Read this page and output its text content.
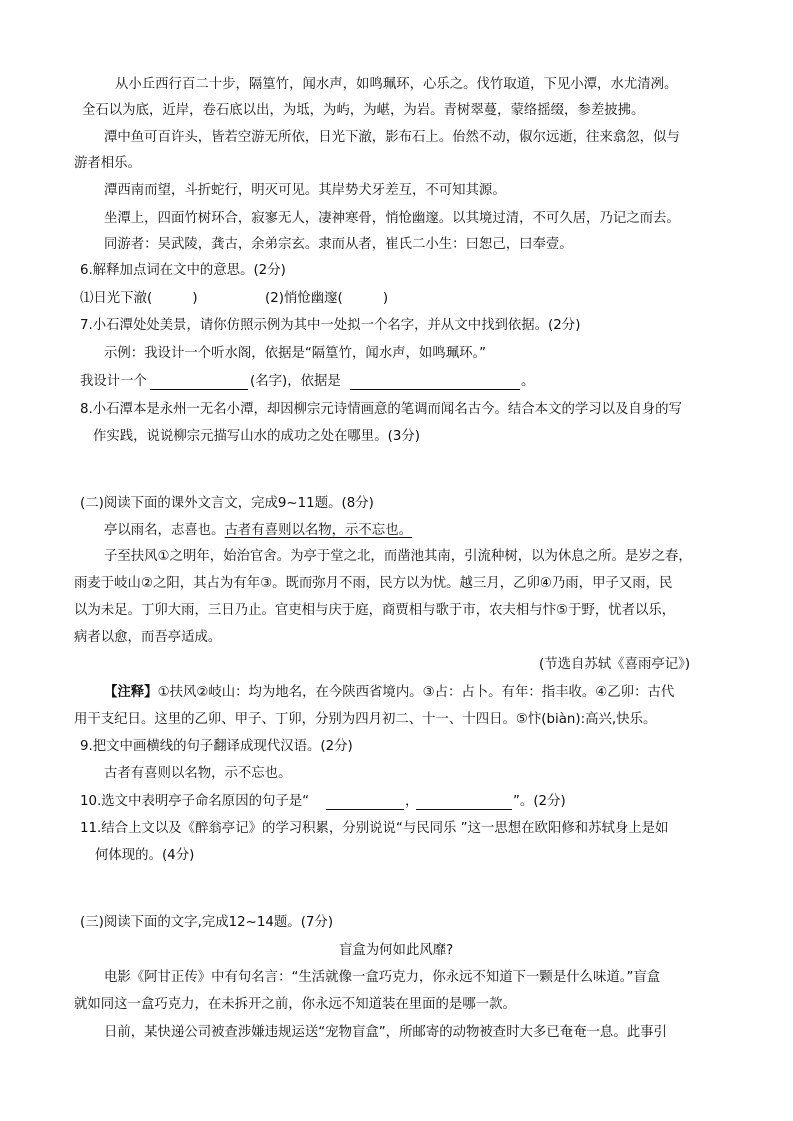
从小丘西行百二十步，隔篁竹，闻水声，如鸣珮环，心乐之。伐竹取道，下见小潭，水尤清冽。
全石以为底，近岸，卷石底以出，为坻，为屿，为嵁，为岩。青树翠蔓，蒙络摇缀，参差披拂。
潭中鱼可百许头，皆若空游无所依，日光下澈，影布石上。佁然不动，俶尔远逝，往来翕忽，似与
游者相乐。
潭西南而望，斗折蛇行，明灭可见。其岸势犬牙差互，不可知其源。
坐潭上，四面竹树环合，寂寥无人，凄神寒骨，悄怆幽邃。以其境过清，不可久居，乃记之而去。
同游者：吴武陵，龚古，余弟宗玄。隶而从者，崔氏二小生：曰恕己，曰奉壹。
6.解释加点词在文中的意思。(2分)
⑴日光下澈(　　　)	(2)悄怆幽邃(　　　)
7.小石潭处处美景，请你仿照示例为其中一处拟一个名字，并从文中找到依据。(2分)
示例：我设计一个听水阁，依据是“隔篁竹，闻水声，如鸣珮环。”
我设计一个	(名字)，依据是	。
8.小石潭本是永州一无名小潭，却因柳宗元诗情画意的笔调而闻名古今。结合本文的学习以及自身的写
作实践，说说柳宗元描写山水的成功之处在哪里。(3分)
(二)阅读下面的课外文言文，完成9~11题。(8分)
亭以雨名，志喜也。古者有喜则以名物，示不忘也。
子至扶风①之明年，始治官舍。为亭于堂之北，而凿池其南，引流种树，以为休息之所。是岁之春，
雨麦于岐山②之阳，其占为有年③。既而弥月不雨，民方以为忧。越三月，乙卯④乃雨，甲子又雨，民
以为未足。丁卯大雨，三日乃止。官吏相与庆于庭，商贾相与歌于市，农夫相与忭⑤于野，忧者以乐，
病者以愈，而吾亭适成。
(节选自苏轼《喜雨亭记》)
【注释】①扶风②岐山：均为地名，在今陕西省境内。③占：占卜。有年：指丰收。④乙卯：古代
用干支纪日。这里的乙卯、甲子、丁卯，分别为四月初二、十一、十四日。⑤忭(biàn):高兴,快乐。
9.把文中画横线的句子翻译成现代汉语。(2分)
古者有喜则以名物，示不忘也。
10.选文中表明亭子命名原因的句子是“	，	”。(2分)
11.结合上文以及《醉翁亭记》的学习积累，分别说说“与民同乐 ”这一思想在欧阳修和苏轼身上是如
何体现的。(4分)
(三)阅读下面的文字,完成12~14题。(7分)
盲盒为何如此风靡?
电影《阿甘正传》中有句名言：“生活就像一盒巧克力，你永远不知道下一颗是什么味道。”盲盒
就如同这一盒巧克力，在未拆开之前，你永远不知道装在里面的是哪一款。
日前，某快递公司被查涉嫌违规运送“宠物盲盒”，所邮寄的动物被查时大多已奄奄一息。此事引
